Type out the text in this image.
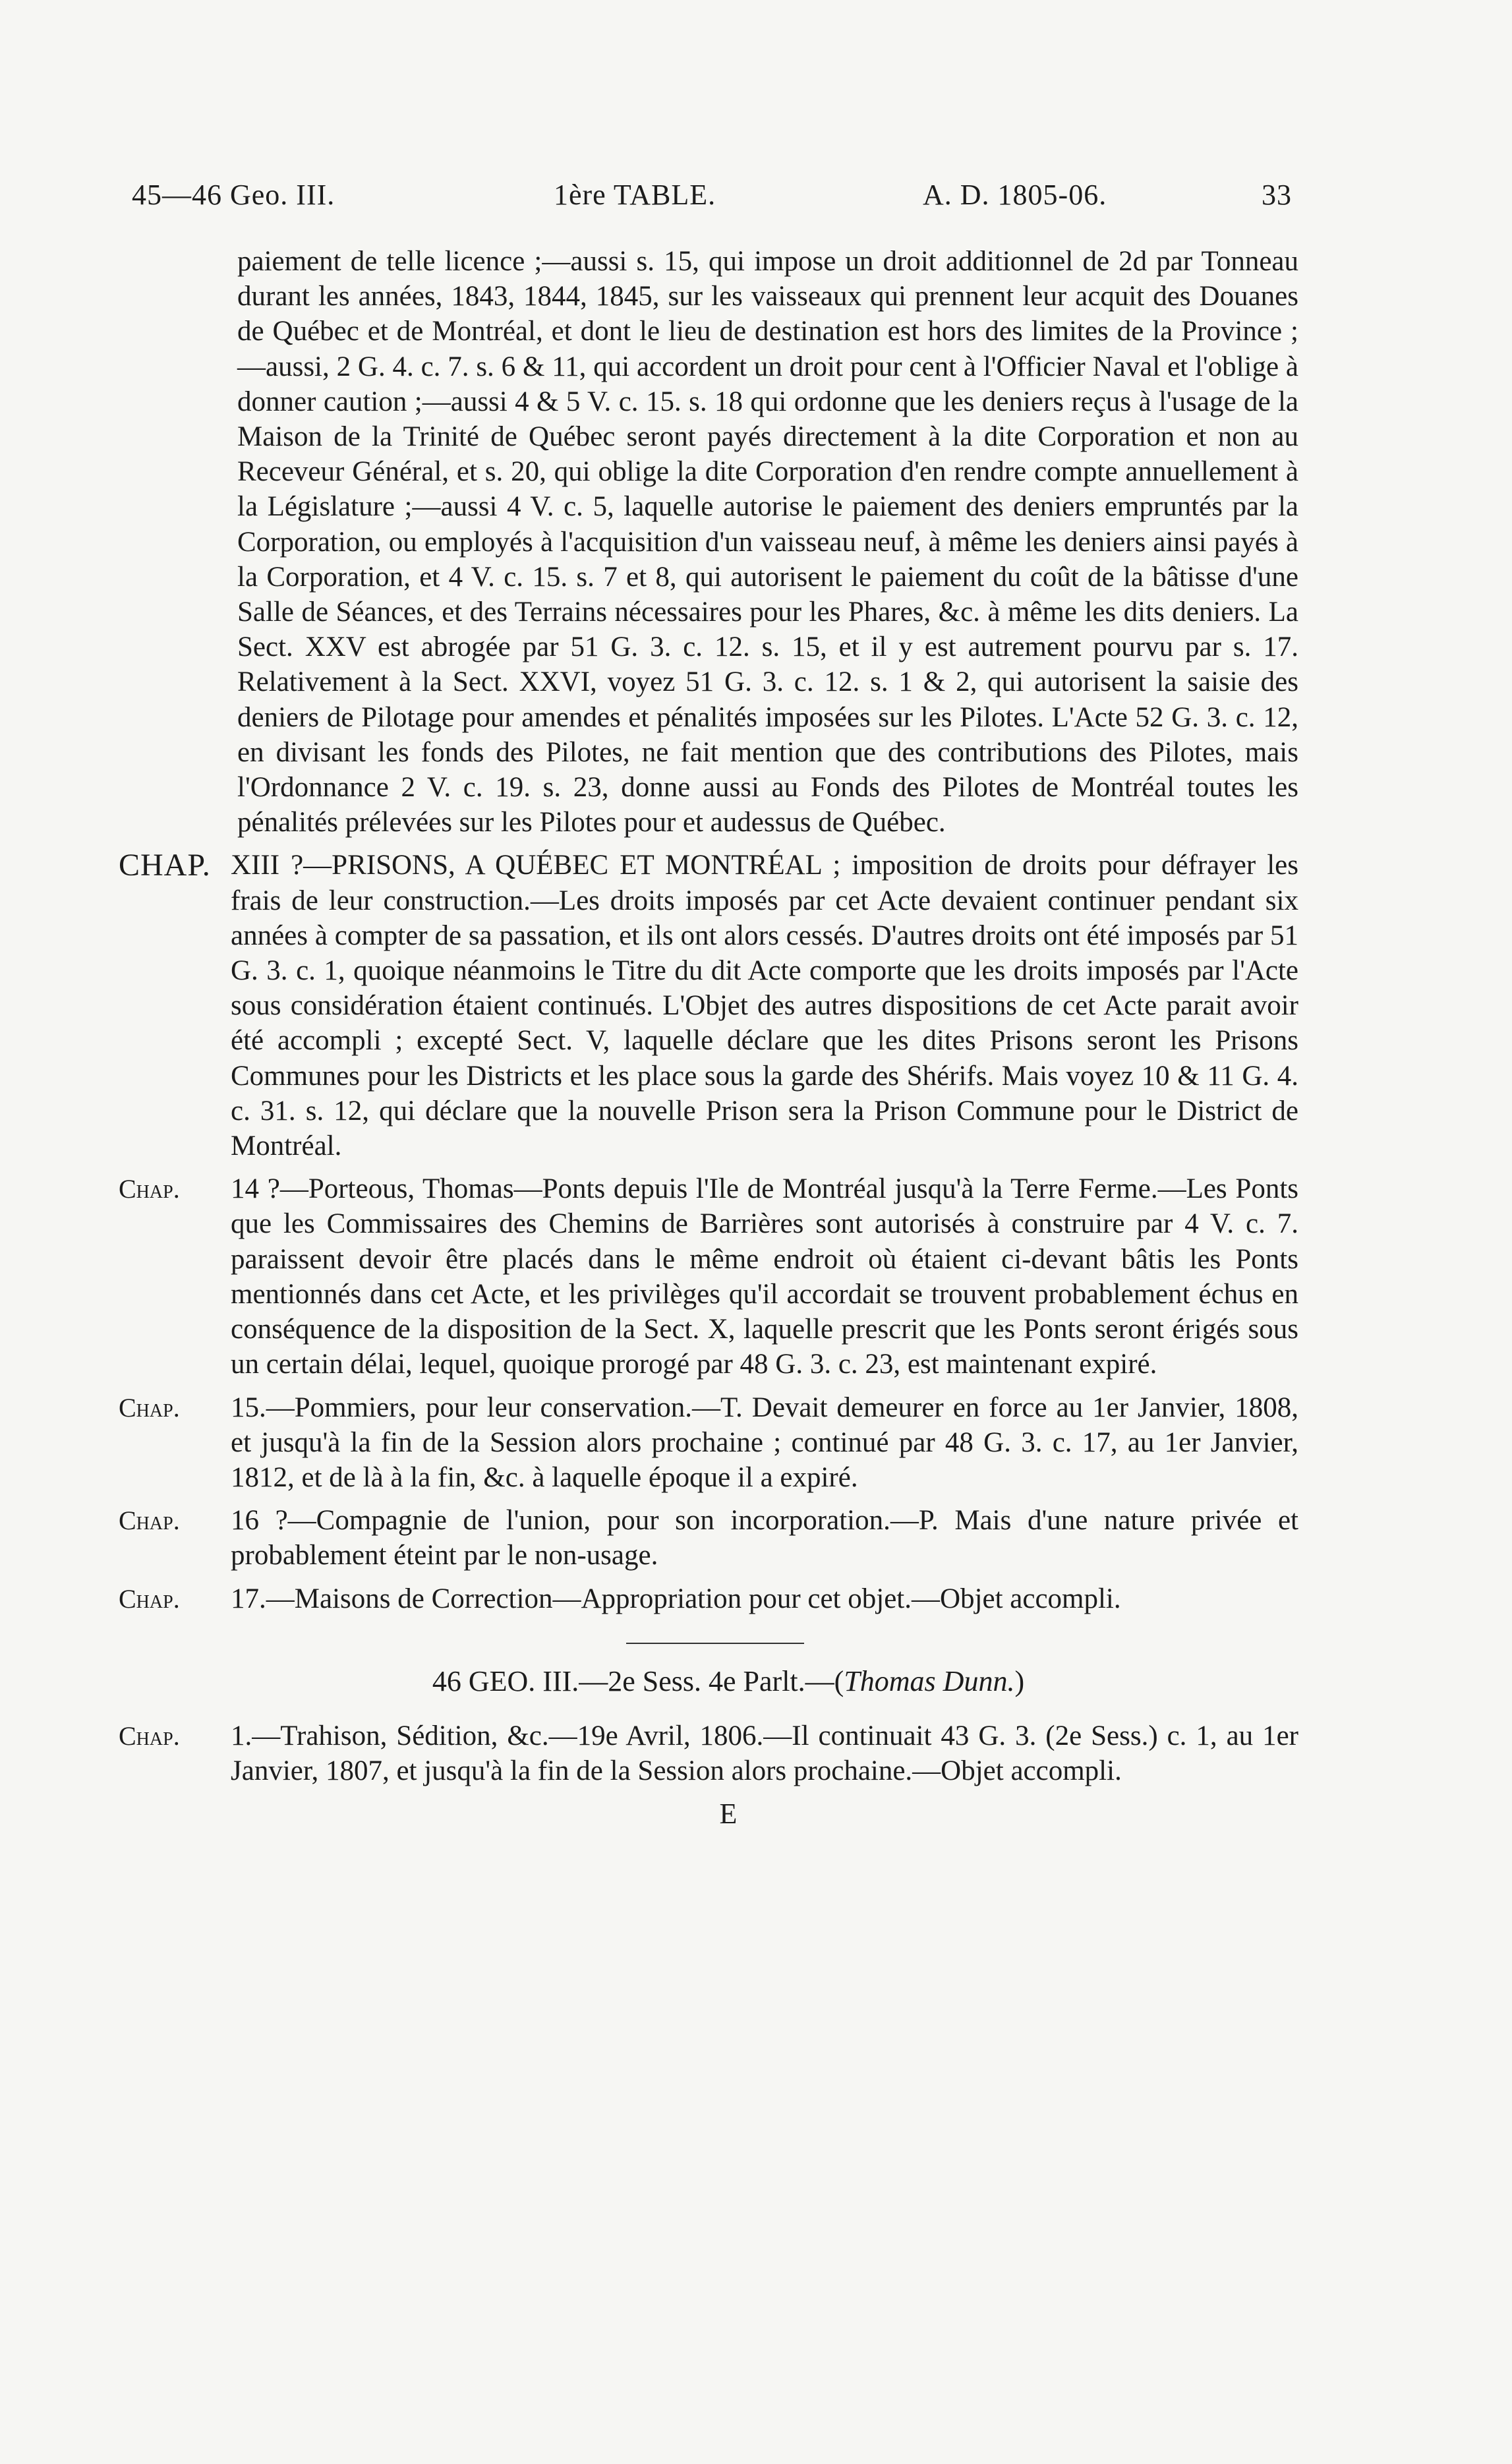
45—46 Geo. III.	1ère TABLE.	A. D. 1805-06.	33
paiement de telle licence ;—aussi s. 15, qui impose un droit additionnel de 2d par Tonneau durant les années, 1843, 1844, 1845, sur les vaisseaux qui prennent leur acquit des Douanes de Québec et de Montréal, et dont le lieu de destination est hors des limites de la Province ;—aussi, 2 G. 4. c. 7. s. 6 & 11, qui accordent un droit pour cent à l'Officier Naval et l'oblige à donner caution ;—aussi 4 & 5 V. c. 15. s. 18 qui ordonne que les deniers reçus à l'usage de la Maison de la Trinité de Québec seront payés directement à la dite Corporation et non au Receveur Général, et s. 20, qui oblige la dite Corporation d'en rendre compte annuellement à la Législature ;—aussi 4 V. c. 5, laquelle autorise le paiement des deniers empruntés par la Corporation, ou employés à l'acquisition d'un vaisseau neuf, à même les deniers ainsi payés à la Corporation, et 4 V. c. 15. s. 7 et 8, qui autorisent le paiement du coût de la bâtisse d'une Salle de Séances, et des Terrains nécessaires pour les Phares, &c. à même les dits deniers. La Sect. XXV est abrogée par 51 G. 3. c. 12. s. 15, et il y est autrement pourvu par s. 17. Relativement à la Sect. XXVI, voyez 51 G. 3. c. 12. s. 1 & 2, qui autorisent la saisie des deniers de Pilotage pour amendes et pénalités imposées sur les Pilotes. L'Acte 52 G. 3. c. 12, en divisant les fonds des Pilotes, ne fait mention que des contributions des Pilotes, mais l'Ordonnance 2 V. c. 19. s. 23, donne aussi au Fonds des Pilotes de Montréal toutes les pénalités prélevées sur les Pilotes pour et audessus de Québec.
CHAP. XIII ?—PRISONS, A QUÉBEC ET MONTRÉAL ; imposition de droits pour défrayer les frais de leur construction.—Les droits imposés par cet Acte devaient continuer pendant six années à compter de sa passation, et ils ont alors cessés. D'autres droits ont été imposés par 51 G. 3. c. 1, quoique néanmoins le Titre du dit Acte comporte que les droits imposés par l'Acte sous considération étaient continués. L'Objet des autres dispositions de cet Acte parait avoir été accompli ; excepté Sect. V, laquelle déclare que les dites Prisons seront les Prisons Communes pour les Districts et les place sous la garde des Shérifs. Mais voyez 10 & 11 G. 4. c. 31. s. 12, qui déclare que la nouvelle Prison sera la Prison Commune pour le District de Montréal.
Chap. 14 ?—Porteous, Thomas—Ponts depuis l'Ile de Montréal jusqu'à la Terre Ferme.—Les Ponts que les Commissaires des Chemins de Barrières sont autorisés à construire par 4 V. c. 7. paraissent devoir être placés dans le même endroit où étaient ci-devant bâtis les Ponts mentionnés dans cet Acte, et les privilèges qu'il accordait se trouvent probablement échus en conséquence de la disposition de la Sect. X, laquelle prescrit que les Ponts seront érigés sous un certain délai, lequel, quoique prorogé par 48 G. 3. c. 23, est maintenant expiré.
Chap. 15.—Pommiers, pour leur conservation.—T. Devait demeurer en force au 1er Janvier, 1808, et jusqu'à la fin de la Session alors prochaine ; continué par 48 G. 3. c. 17, au 1er Janvier, 1812, et de là à la fin, &c. à laquelle époque il a expiré.
Chap. 16 ?—Compagnie de l'union, pour son incorporation.—P. Mais d'une nature privée et probablement éteint par le non-usage.
Chap. 17.—Maisons de Correction—Appropriation pour cet objet.—Objet accompli.
46 GEO. III.—2e Sess. 4e Parlt.—(Thomas Dunn.)
Chap. 1.—Trahison, Sédition, &c.—19e Avril, 1806.—Il continuait 43 G. 3. (2e Sess.) c. 1, au 1er Janvier, 1807, et jusqu'à la fin de la Session alors prochaine.—Objet accompli.
E
